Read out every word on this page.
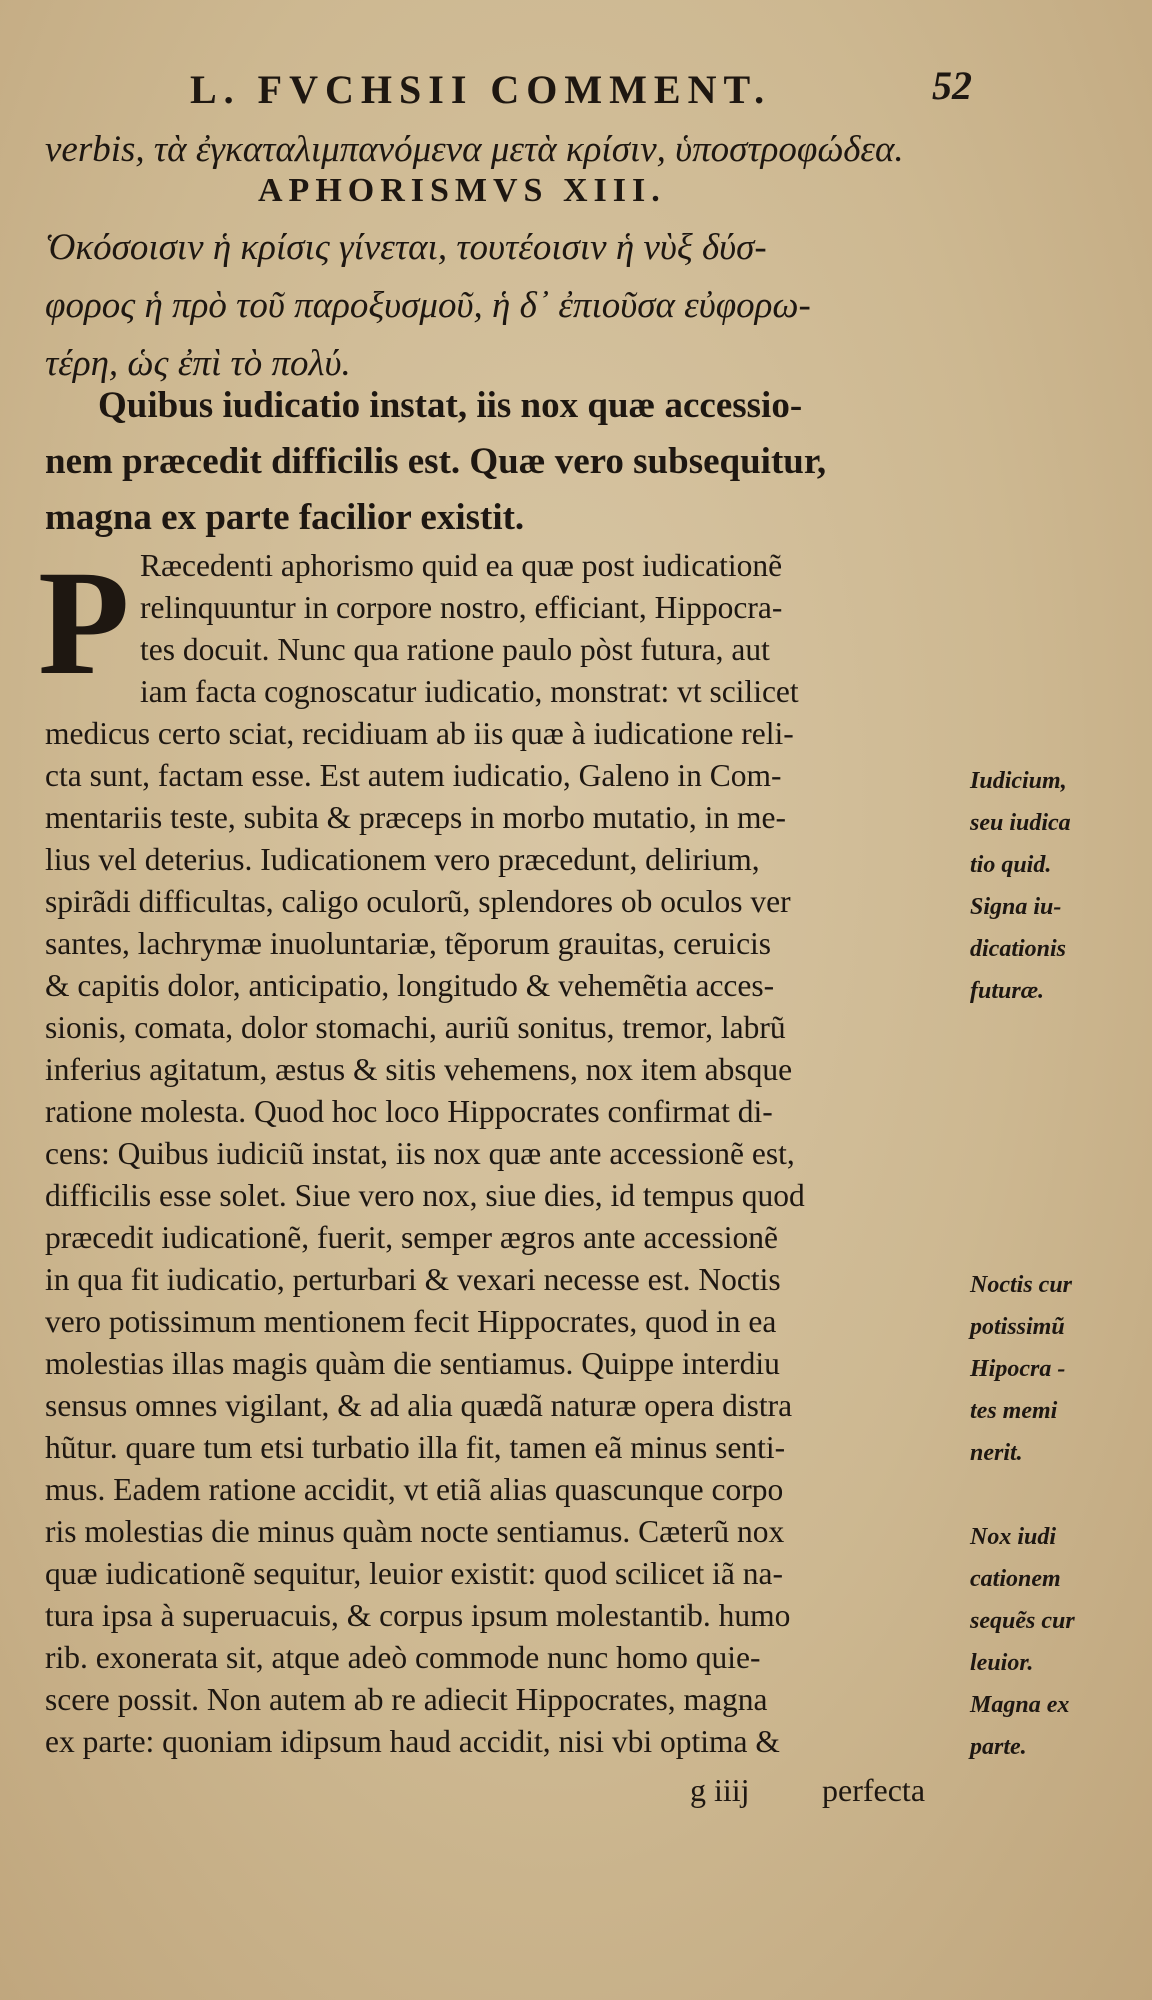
L. FVCHSII COMMENT.	52
verbis, τὰ ἐγκαταλιμπανόμενα μετὰ κρίσιν, ὑποστροφώδεα.
APHORISMVS XIII.
Ὁκόσοισιν ἡ κρίσις γίνεται, τουτέοισιν ἡ νὺξ δύσ-
φορος ἡ πρὸ τοῦ παροξυσμοῦ, ἡ δ᾽ ἐπιοῦσα εὐφορω-
τέρη, ὡς ἐπὶ τὸ πολύ.
Quibus iudicatio instat, iis nox quæ accessio-
nem præcedit difficilis est. Quæ vero subsequitur,
magna ex parte facilior existit.
P Ræcedenti aphorismo quid ea quæ post iudicationẽ
relinquuntur in corpore nostro, efficiant, Hippocra-
tes docuit. Nunc qua ratione paulo pòst futura, aut
iam facta cognoscatur iudicatio, monstrat: vt scilicet
medicus certo sciat, recidiuam ab iis quæ à iudicatione reli-
cta sunt, factam esse. Est autem iudicatio, Galeno in Com-
mentariis teste, subita & præceps in morbo mutatio, in me-
lius vel deterius. Iudicationem vero præcedunt, delirium,
spirãdi difficultas, caligo oculorũ, splendores ob oculos ver
santes, lachrymæ inuoluntariæ, tẽporum grauitas, ceruicis
& capitis dolor, anticipatio, longitudo & vehemẽtia acces-
sionis, comata, dolor stomachi, auriũ sonitus, tremor, labrũ
inferius agitatum, æstus & sitis vehemens, nox item absque
ratione molesta. Quod hoc loco Hippocrates confirmat di-
cens: Quibus iudiciũ instat, iis nox quæ ante accessionẽ est,
difficilis esse solet. Siue vero nox, siue dies, id tempus quod
præcedit iudicationẽ, fuerit, semper ægros ante accessionẽ
in qua fit iudicatio, perturbari & vexari necesse est. Noctis
vero potissimum mentionem fecit Hippocrates, quod in ea
molestias illas magis quàm die sentiamus. Quippe interdiu
sensus omnes vigilant, & ad alia quædã naturæ opera distra
hũtur. quare tum etsi turbatio illa fit, tamen eã minus senti-
mus. Eadem ratione accidit, vt etiã alias quascunque corpo
ris molestias die minus quàm nocte sentiamus. Cæterũ nox
quæ iudicationẽ sequitur, leuior existit: quod scilicet iã na-
tura ipsa à superuacuis, & corpus ipsum molestantib. humo
rib. exonerata sit, atque adeò commode nunc homo quie-
scere possit. Non autem ab re adiecit Hippocrates, magna
ex parte: quoniam idipsum haud accidit, nisi vbi optima &
Iudicium,
seu iudica
tio quid.
Signa iu-
dicationis
futuræ.
Noctis cur
potissimũ
Hipocra -
tes memi
nerit.
Nox iudi
cationem
sequẽs cur
leuior.
Magna ex
parte.
g iiij perfecta
